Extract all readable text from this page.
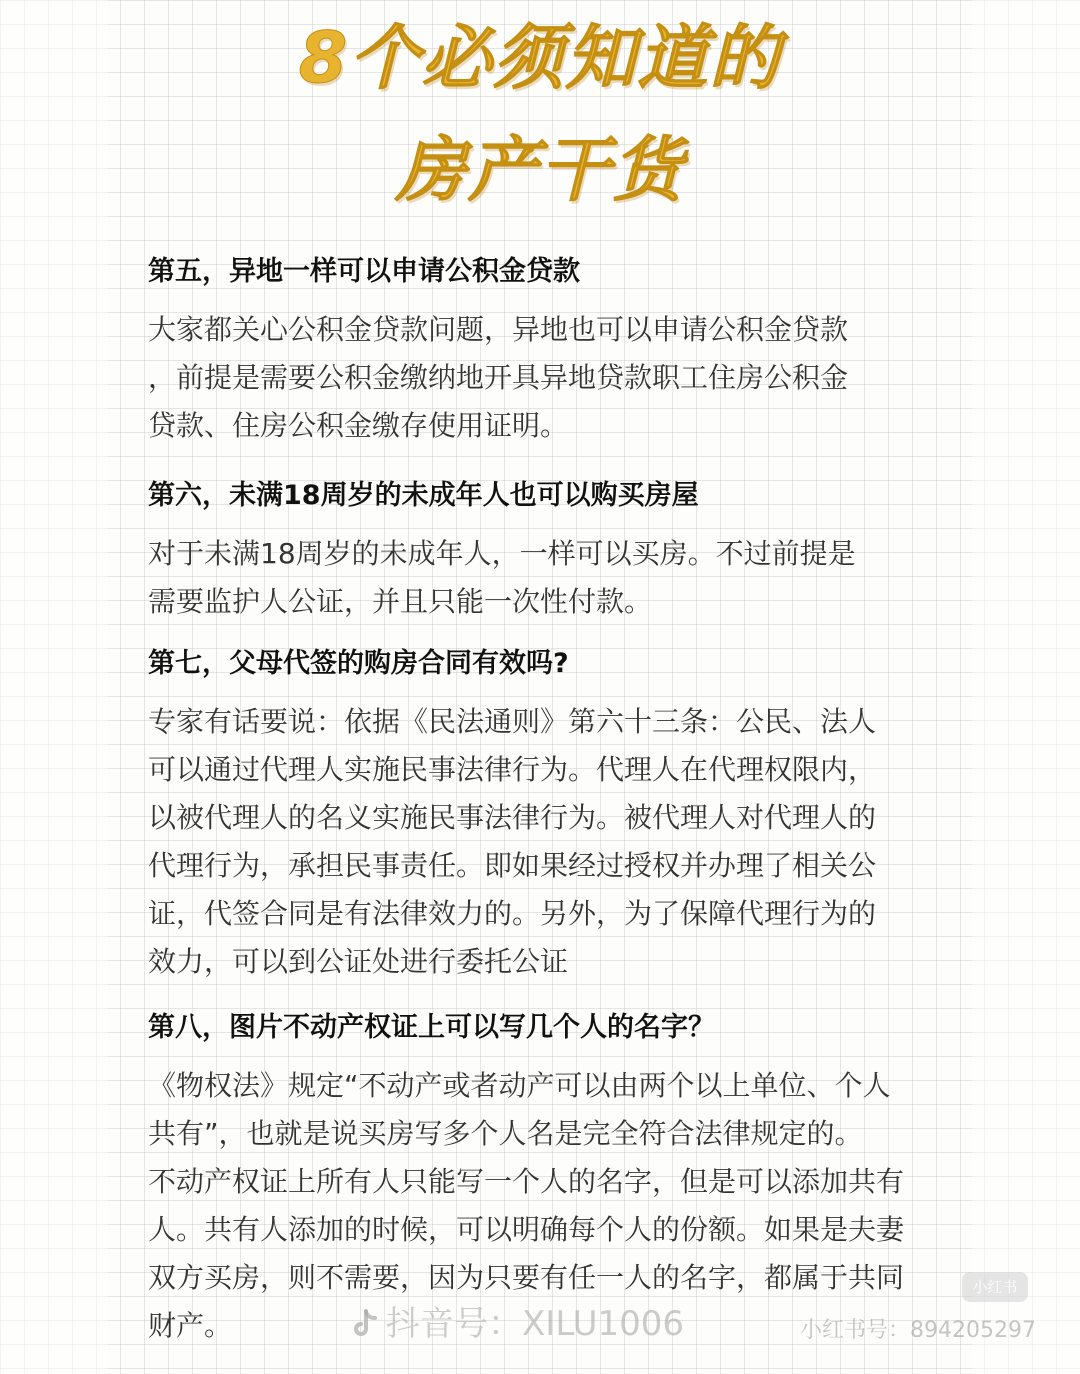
8个必须知道的
房产干货

第五，异地一样可以申请公积金贷款

大家都关心公积金贷款问题，异地也可以申请公积金贷款

，前提是需要公积金缴纳地开具异地贷款职工住房公积金

贷款、住房公积金缴存使用证明。

第六，未满18周岁的未成年人也可以购买房屋

对于未满18周岁的未成年人，一样可以买房。不过前提是

需要监护人公证，并且只能一次性付款。

第七，父母代签的购房合同有效吗?

专家有话要说：依据《民法通则》第六十三条：公民、法人

可以通过代理人实施民事法律行为。代理人在代理权限内，

以被代理人的名义实施民事法律行为。被代理人对代理人的

代理行为，承担民事责任。即如果经过授权并办理了相关公

证，代签合同是有法律效力的。另外，为了保障代理行为的

效力，可以到公证处进行委托公证

第八，图片不动产权证上可以写几个人的名字？

《物权法》规定“不动产或者动产可以由两个以上单位、个人

共有”，也就是说买房写多个人名是完全符合法律规定的。

不动产权证上所有人只能写一个人的名字，但是可以添加共有

人。共有人添加的时候，可以明确每个人的份额。如果是夫妻

双方买房，则不需要，因为只要有任一人的名字，都属于共同

财产。	抖音号：XILU1006	小红书号：894205297
小红书
